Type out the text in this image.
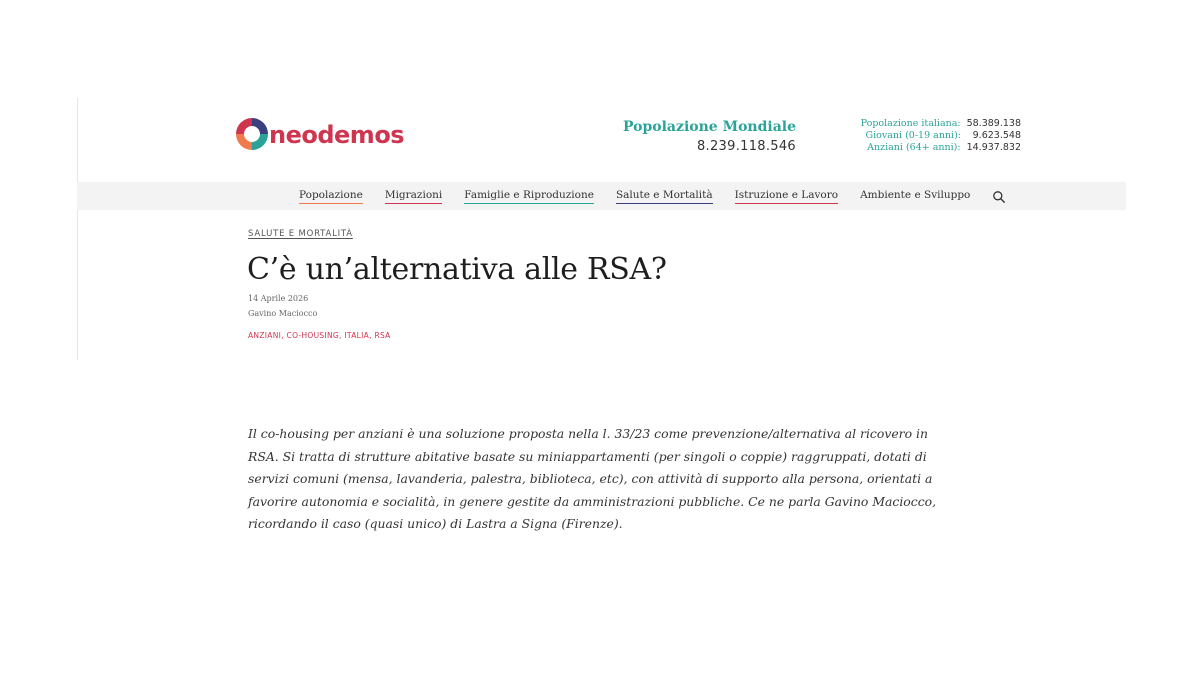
neodemos	Popolazione Mondiale
8.239.118.546
Popolazione italiana: 58.389.138
Giovani (0-19 anni):	9.623.548
Anziani (64+ anni): 14.937.832
Popolazione Migrazioni Famiglie e Riproduzione Salute e Mortalità Istruzione e Lavoro Ambiente e Sviluppo
SALUTE E MORTALITÀ
C’è un’alternativa alle RSA?
14 Aprile 2026
Gavino Maciocco
ANZIANI, CO-HOUSING, ITALIA, RSA

Il co-housing per anziani è una soluzione proposta nella l. 33/23 come prevenzione/alternativa al ricovero in RSA. Si tratta di strutture abitative basate su miniappartamenti (per singoli o coppie) raggruppati, dotati di servizi comuni (mensa, lavanderia, palestra, biblioteca, etc), con attività di supporto alla persona, orientati a favorire autonomia e socialità, in genere gestite da amministrazioni pubbliche. Ce ne parla Gavino Maciocco, ricordando il caso (quasi unico) di Lastra a Signa (Firenze).
